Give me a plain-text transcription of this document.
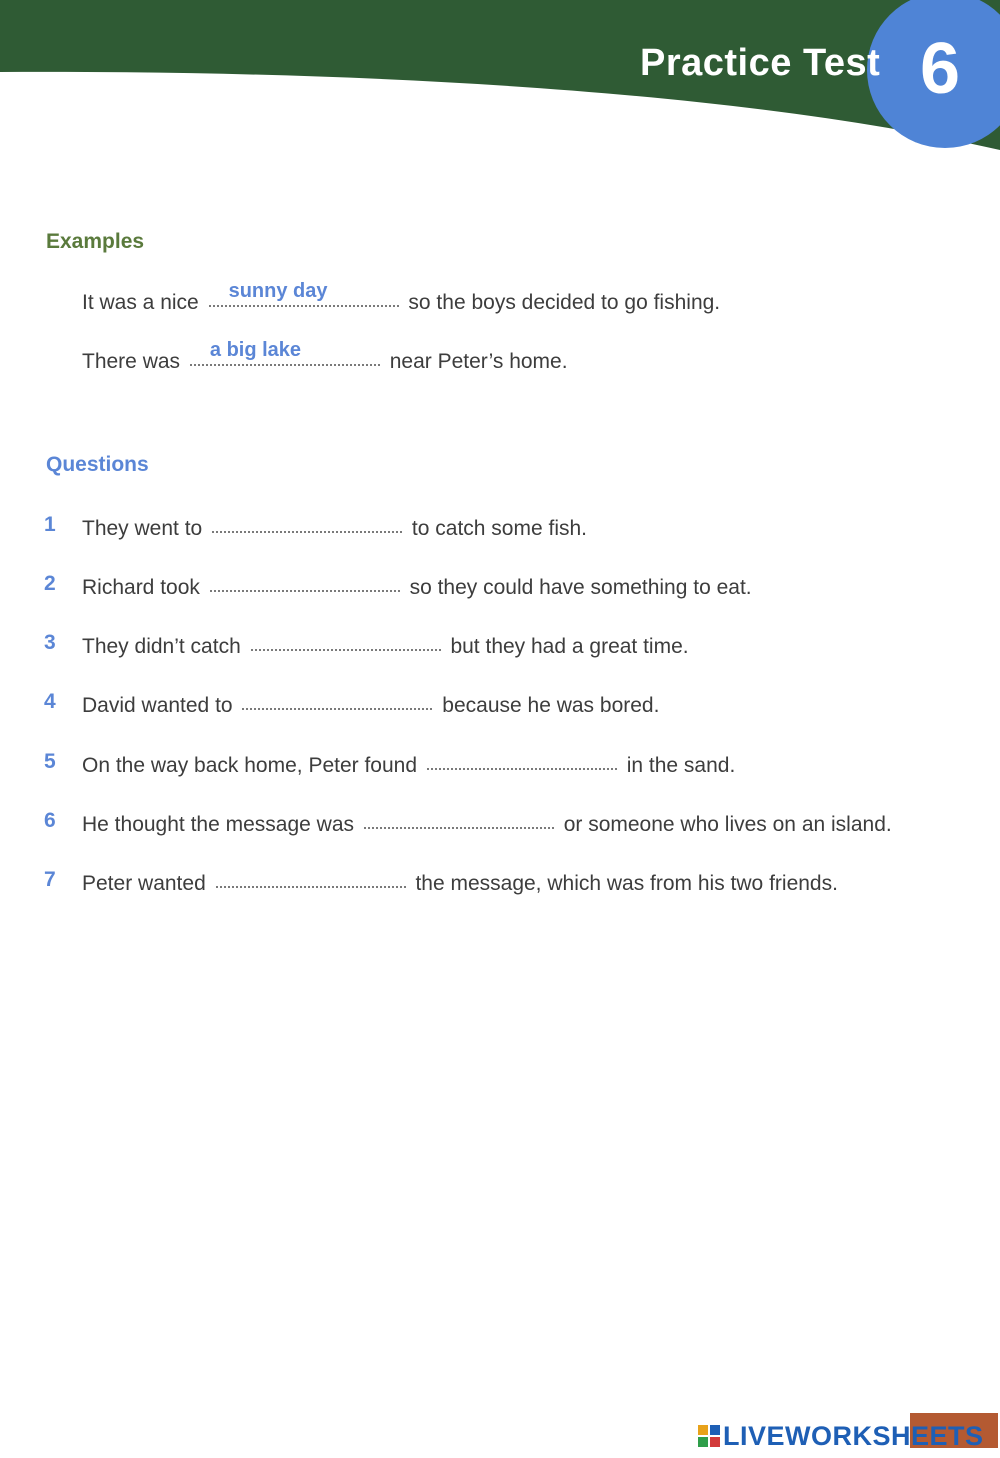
Practice Test 6
Examples
It was a nice sunny day	so the boys decided to go fishing.
There was a big lake	near Peter’s home.
Questions
1 They went to	to catch some fish.
2 Richard took	so they could have something to eat.
3 They didn’t catch	but they had a great time.
4 David wanted to	because he was bored.
5 On the way back home, Peter found	in the sand.
6 He thought the message was	or someone who lives on an island.
7 Peter wanted	the message, which was from his two friends.
LIVEWORKSHEETS
